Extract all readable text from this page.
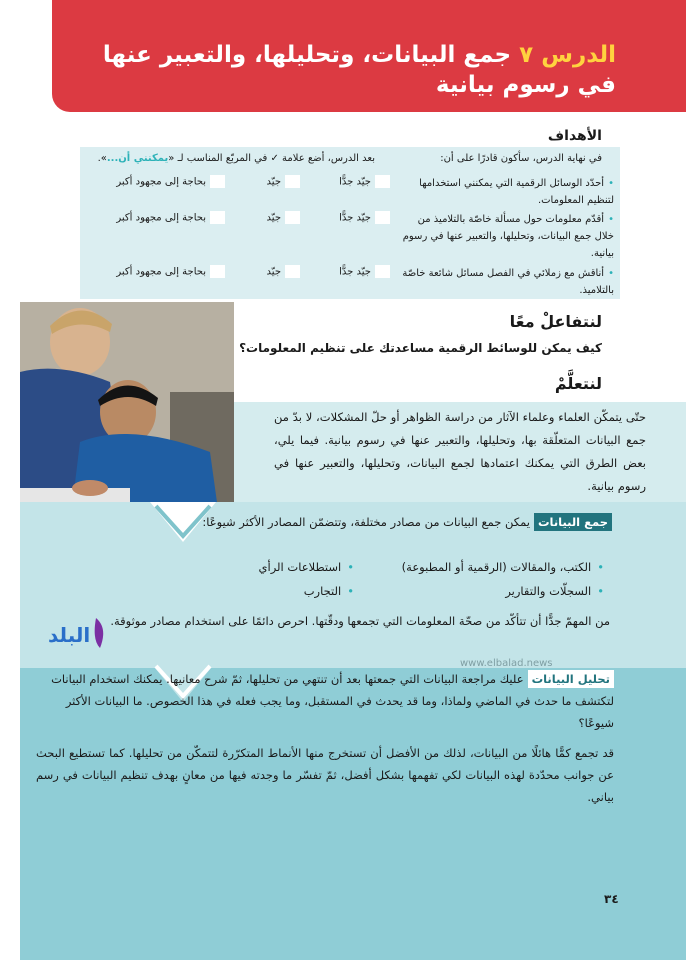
الدرس ٧ جمع البيانات، وتحليلها، والتعبير عنها
في رسوم بيانية
الأهداف
في نهاية الدرس، سأكون قادرًا على أن:
بعد الدرس، أضع علامة ✓ في المربّع المناسب لـ «يمكنني أن...».
•أحدّد الوسائل الرقمية التي يمكنني استخدامها لتنظيم المعلومات.
جيّد جدًّا
جيّد
بحاجة إلى مجهود أكبر
•أقدّم معلومات حول مسألة خاصّة بالتلاميذ من خلال جمع البيانات، وتحليلها، والتعبير عنها في رسوم بيانية.
جيّد جدًّا
جيّد
بحاجة إلى مجهود أكبر
•أناقش مع زملائي في الفصل مسائل شائعة خاصّة بالتلاميذ.
جيّد جدًّا
جيّد
بحاجة إلى مجهود أكبر
لنتفاعلْ معًا
كيف يمكن للوسائط الرقمية مساعدتك على تنظيم المعلومات؟
لنتعلَّمْ
حتّى يتمكّن العلماء وعلماء الآثار من دراسة الظواهر أو حلّ المشكلات، لا بدّ من جمع البيانات المتعلّقة بها، وتحليلها، والتعبير عنها في رسوم بيانية. فيما يلي، بعض الطرق التي يمكنك اعتمادها لجمع البيانات، وتحليلها، والتعبير عنها في رسوم بيانية.
جمع البياناتيمكن جمع البيانات من مصادر مختلفة، وتتضمّن المصادر الأكثر شيوعًا:
•الكتب، والمقالات (الرقمية أو المطبوعة)
•استطلاعات الرأي
•السجلّات والتقارير
•التجارب
من المهمّ جدًّا أن تتأكّد من صحّة المعلومات التي تجمعها ودقّتها. احرص دائمًا على استخدام مصادر موثوقة.
البلد
www.elbalad.news
تحليل البياناتعليك مراجعة البيانات التي جمعتها بعد أن تنتهي من تحليلها، ثمّ شرح معانيها. يمكنك استخدام البيانات لتكتشف ما حدث في الماضي ولماذا، وما قد يحدث في المستقبل، وما يجب فعله في هذا الخصوص. ما البيانات الأكثر شيوعًا؟
قد تجمع كمًّا هائلًا من البيانات، لذلك من الأفضل أن تستخرج منها الأنماط المتكرّرة لتتمكّن من تحليلها. كما تستطيع البحث عن جوانب محدّدة لهذه البيانات لكي تفهمها بشكل أفضل، ثمّ تفسّر ما وجدته فيها من معانٍ بهدف تنظيم البيانات في رسم بياني.
٣٤
